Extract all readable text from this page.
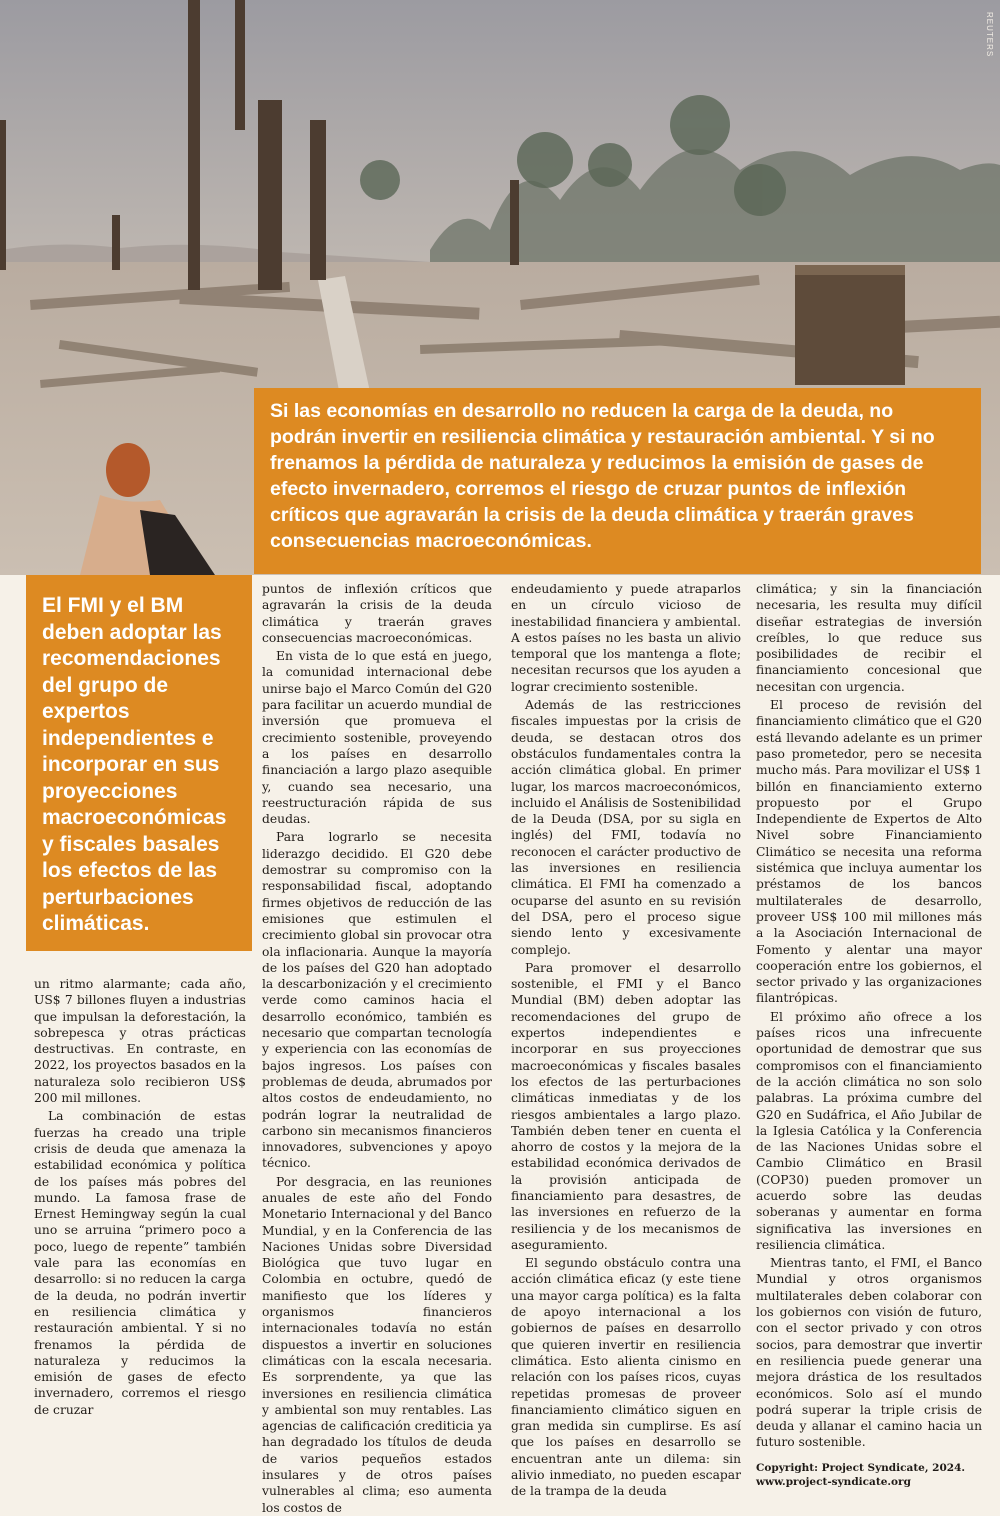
REUTERS

Si las economías en desarrollo no reducen la carga de la deuda, no podrán invertir en resiliencia climática y restauración ambiental. Y si no frenamos la pérdida de naturaleza y reducimos la emisión de gases de efecto invernadero, corremos el riesgo de cruzar puntos de inflexión críticos que agravarán la crisis de la deuda climática y traerán graves consecuencias macroeconómicas.

El FMI y el BM deben adoptar las recomendaciones del grupo de expertos independientes e incorporar en sus proyecciones macroeconómicas y fiscales basales los efectos de las perturbaciones climáticas.

un ritmo alarmante; cada año, US$ 7 billones fluyen a industrias que impulsan la deforestación, la sobrepesca y otras prácticas destructivas. En contraste, en 2022, los proyectos basados en la naturaleza solo recibieron US$ 200 mil millones.

La combinación de estas fuerzas ha creado una triple crisis de deuda que amenaza la estabilidad económica y política de los países más pobres del mundo. La famosa frase de Ernest Hemingway según la cual uno se arruina “primero poco a poco, luego de repente” también vale para las economías en desarrollo: si no reducen la carga de la deuda, no podrán invertir en resiliencia climática y restauración ambiental. Y si no frenamos la pérdida de naturaleza y reducimos la emisión de gases de efecto invernadero, corremos el riesgo de cruzar

puntos de inflexión críticos que agravarán la crisis de la deuda climática y traerán graves consecuencias macroeconómicas.

En vista de lo que está en juego, la comunidad internacional debe unirse bajo el Marco Común del G20 para facilitar un acuerdo mundial de inversión que promueva el crecimiento sostenible, proveyendo a los países en desarrollo financiación a largo plazo asequible y, cuando sea necesario, una reestructuración rápida de sus deudas.

Para lograrlo se necesita liderazgo decidido. El G20 debe demostrar su compromiso con la responsabilidad fiscal, adoptando firmes objetivos de reducción de las emisiones que estimulen el crecimiento global sin provocar otra ola inflacionaria. Aunque la mayoría de los países del G20 han adoptado la descarbonización y el crecimiento verde como caminos hacia el desarrollo económico, también es necesario que compartan tecnología y experiencia con las economías de bajos ingresos. Los países con problemas de deuda, abrumados por altos costos de endeudamiento, no podrán lograr la neutralidad de carbono sin mecanismos financieros innovadores, subvenciones y apoyo técnico.

Por desgracia, en las reuniones anuales de este año del Fondo Monetario Internacional y del Banco Mundial, y en la Conferencia de las Naciones Unidas sobre Diversidad Biológica que tuvo lugar en Colombia en octubre, quedó de manifiesto que los líderes y organismos financieros internacionales todavía no están dispuestos a invertir en soluciones climáticas con la escala necesaria. Es sorprendente, ya que las inversiones en resiliencia climática y ambiental son muy rentables. Las agencias de calificación crediticia ya han degradado los títulos de deuda de varios pequeños estados insulares y de otros países vulnerables al clima; eso aumenta los costos de

endeudamiento y puede atraparlos en un círculo vicioso de inestabilidad financiera y ambiental. A estos países no les basta un alivio temporal que los mantenga a flote; necesitan recursos que los ayuden a lograr crecimiento sostenible.

Además de las restricciones fiscales impuestas por la crisis de deuda, se destacan otros dos obstáculos fundamentales contra la acción climática global. En primer lugar, los marcos macroeconómicos, incluido el Análisis de Sostenibilidad de la Deuda (DSA, por su sigla en inglés) del FMI, todavía no reconocen el carácter productivo de las inversiones en resiliencia climática. El FMI ha comenzado a ocuparse del asunto en su revisión del DSA, pero el proceso sigue siendo lento y excesivamente complejo.

Para promover el desarrollo sostenible, el FMI y el Banco Mundial (BM) deben adoptar las recomendaciones del grupo de expertos independientes e incorporar en sus proyecciones macroeconómicas y fiscales basales los efectos de las perturbaciones climáticas inmediatas y de los riesgos ambientales a largo plazo. También deben tener en cuenta el ahorro de costos y la mejora de la estabilidad económica derivados de la provisión anticipada de financiamiento para desastres, de las inversiones en refuerzo de la resiliencia y de los mecanismos de aseguramiento.

El segundo obstáculo contra una acción climática eficaz (y este tiene una mayor carga política) es la falta de apoyo internacional a los gobiernos de países en desarrollo que quieren invertir en resiliencia climática. Esto alienta cinismo en relación con los países ricos, cuyas repetidas promesas de proveer financiamiento climático siguen en gran medida sin cumplirse. Es así que los países en desarrollo se encuentran ante un dilema: sin alivio inmediato, no pueden escapar de la trampa de la deuda

climática; y sin la financiación necesaria, les resulta muy difícil diseñar estrategias de inversión creíbles, lo que reduce sus posibilidades de recibir el financiamiento concesional que necesitan con urgencia.

El proceso de revisión del financiamiento climático que el G20 está llevando adelante es un primer paso prometedor, pero se necesita mucho más. Para movilizar el US$ 1 billón en financiamiento externo propuesto por el Grupo Independiente de Expertos de Alto Nivel sobre Financiamiento Climático se necesita una reforma sistémica que incluya aumentar los préstamos de los bancos multilaterales de desarrollo, proveer US$ 100 mil millones más a la Asociación Internacional de Fomento y alentar una mayor cooperación entre los gobiernos, el sector privado y las organizaciones filantrópicas.

El próximo año ofrece a los países ricos una infrecuente oportunidad de demostrar que sus compromisos con el financiamiento de la acción climática no son solo palabras. La próxima cumbre del G20 en Sudáfrica, el Año Jubilar de la Iglesia Católica y la Conferencia de las Naciones Unidas sobre el Cambio Climático en Brasil (COP30) pueden promover un acuerdo sobre las deudas soberanas y aumentar en forma significativa las inversiones en resiliencia climática.

Mientras tanto, el FMI, el Banco Mundial y otros organismos multilaterales deben colaborar con los gobiernos con visión de futuro, con el sector privado y con otros socios, para demostrar que invertir en resiliencia puede generar una mejora drástica de los resultados económicos. Solo así el mundo podrá superar la triple crisis de deuda y allanar el camino hacia un futuro sostenible.

Copyright: Project Syndicate, 2024.
www.project-syndicate.org
